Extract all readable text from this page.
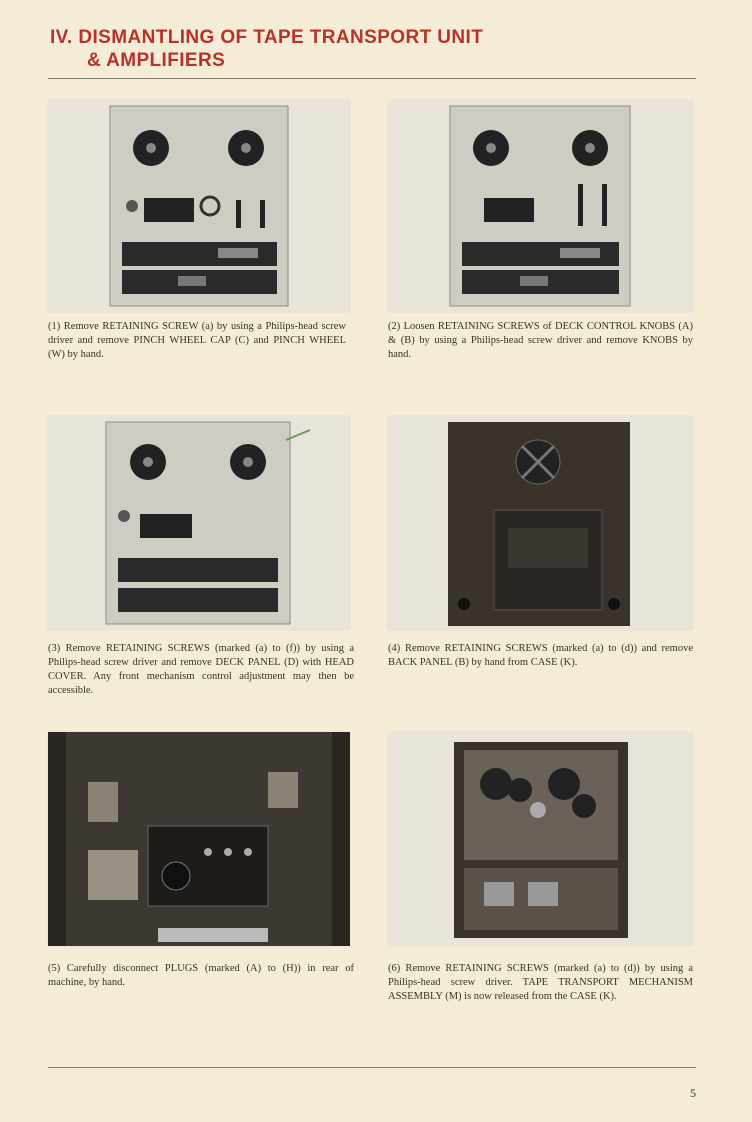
IV. DISMANTLING OF TAPE TRANSPORT UNIT
& AMPLIFIERS
(1) Remove RETAINING SCREW (a) by using a Philips-head screw driver and remove PINCH WHEEL CAP (C) and PINCH WHEEL (W) by hand.
(2) Loosen RETAINING SCREWS of DECK CONTROL KNOBS (A) & (B) by using a Philips-head screw driver and remove KNOBS by hand.
(3) Remove RETAINING SCREWS (marked (a) to (f)) by using a Philips-head screw driver and remove DECK PANEL (D) with HEAD COVER. Any front mechanism control adjustment may then be accessible.
(4) Remove RETAINING SCREWS (marked (a) to (d)) and remove BACK PANEL (B) by hand from CASE (K).
(5) Carefully disconnect PLUGS (marked (A) to (H)) in rear of machine, by hand.
(6) Remove RETAINING SCREWS (marked (a) to (d)) by using a Philips-head screw driver. TAPE TRANSPORT MECHANISM ASSEMBLY (M) is now released from the CASE (K).
5
